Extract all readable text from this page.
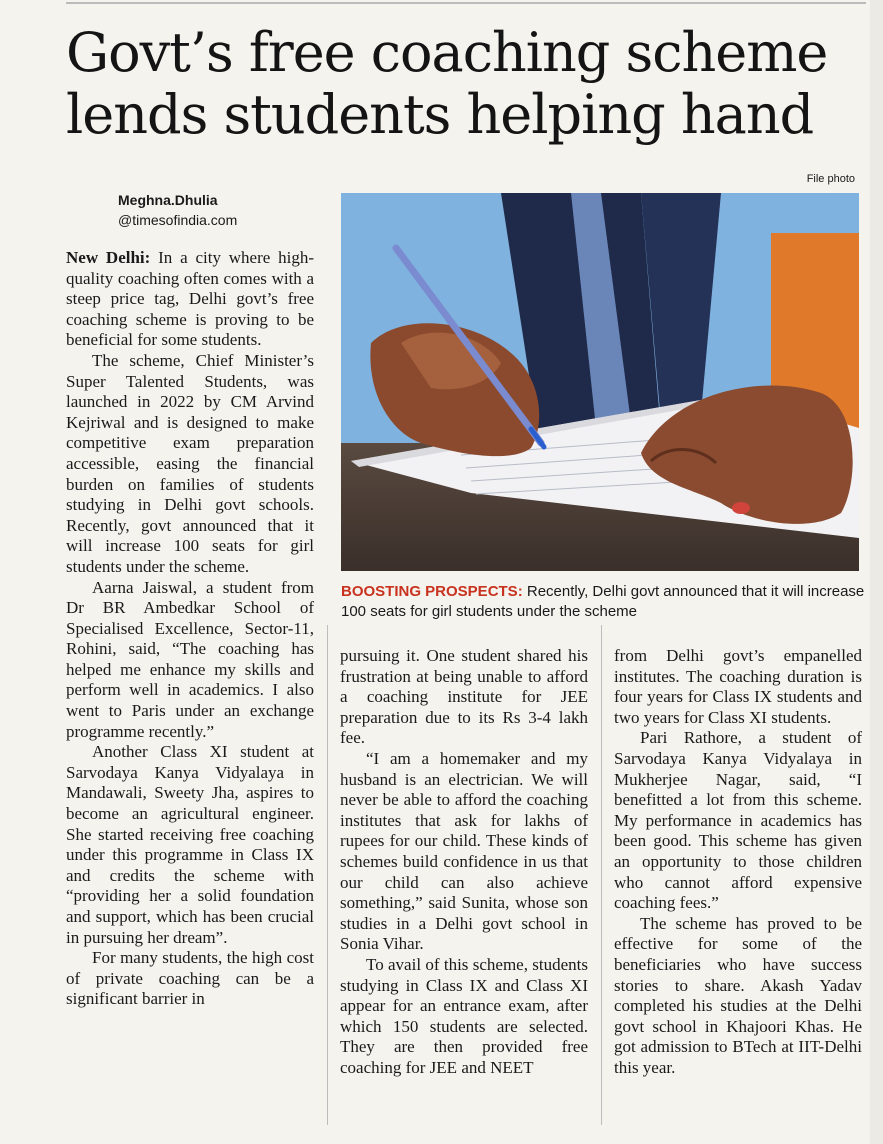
Govt’s free coaching scheme lends students helping hand
Meghna.Dhulia
@timesofindia.com
File photo
BOOSTING PROSPECTS: Recently, Delhi govt announced that it will increase 100 seats for girl students under the scheme

New Delhi: In a city where high-quality coaching often comes with a steep price tag, Delhi govt’s free coaching scheme is proving to be beneficial for some students.

The scheme, Chief Minister’s Super Talented Students, was launched in 2022 by CM Arvind Kejriwal and is designed to make competitive exam preparation accessible, easing the financial burden on families of students studying in Delhi govt schools. Recently, govt announced that it will increase 100 seats for girl students under the scheme.

Aarna Jaiswal, a student from Dr BR Ambedkar School of Specialised Excellence, Sector-11, Rohini, said, “The coaching has helped me enhance my skills and perform well in academics. I also went to Paris under an exchange programme recently.”

Another Class XI student at Sarvodaya Kanya Vidyalaya in Mandawali, Sweety Jha, aspires to become an agricultural engineer. She started receiving free coaching under this programme in Class IX and credits the scheme with “providing her a solid foundation and support, which has been crucial in pursuing her dream”.

For many students, the high cost of private coaching can be a significant barrier in

pursuing it. One student shared his frustration at being unable to afford a coaching institute for JEE preparation due to its Rs 3-4 lakh fee.

“I am a homemaker and my husband is an electrician. We will never be able to afford the coaching institutes that ask for lakhs of rupees for our child. These kinds of schemes build confidence in us that our child can also achieve something,” said Sunita, whose son studies in a Delhi govt school in Sonia Vihar.

To avail of this scheme, students studying in Class IX and Class XI appear for an entrance exam, after which 150 students are selected. They are then provided free coaching for JEE and NEET

from Delhi govt’s empanelled institutes. The coaching duration is four years for Class IX students and two years for Class XI students.

Pari Rathore, a student of Sarvodaya Kanya Vidyalaya in Mukherjee Nagar, said, “I benefitted a lot from this scheme. My performance in academics has been good. This scheme has given an opportunity to those children who cannot afford expensive coaching fees.”

The scheme has proved to be effective for some of the beneficiaries who have success stories to share. Akash Yadav completed his studies at the Delhi govt school in Khajoori Khas. He got admission to BTech at IIT-Delhi this year.
